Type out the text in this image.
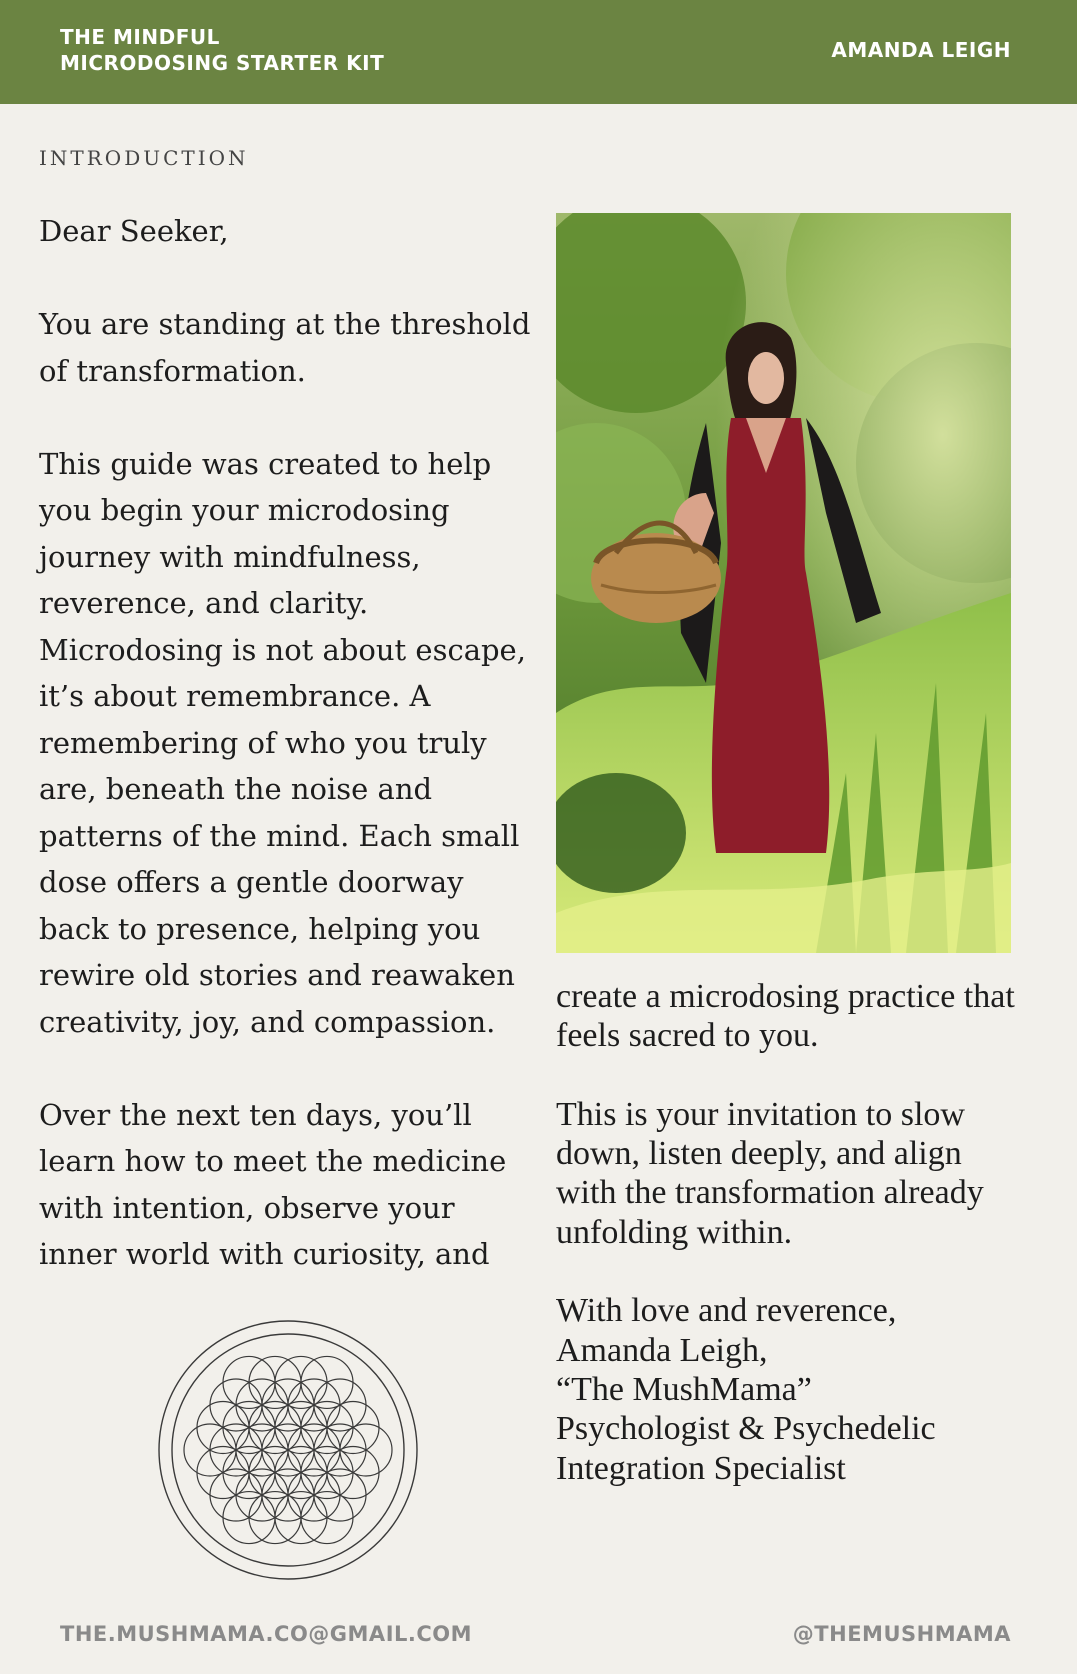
THE MINDFUL
MICRODOSING STARTER KIT
AMANDA LEIGH
INTRODUCTION

Dear Seeker,

You are standing at the threshold of transformation.

This guide was created to help you begin your microdosing journey with mindfulness, reverence, and clarity. Microdosing is not about escape, it’s about remembrance. A remembering of who you truly are, beneath the noise and patterns of the mind. Each small dose offers a gentle doorway back to presence, helping you rewire old stories and reawaken creativity, joy, and compassion.

Over the next ten days, you’ll learn how to meet the medicine with intention, observe your inner world with curiosity, and

create a microdosing practice that feels sacred to you.

This is your invitation to slow down, listen deeply, and align with the transformation already unfolding within.

With love and reverence,
Amanda Leigh,
“The MushMama”
Psychologist & Psychedelic
Integration Specialist

THE.MUSHMAMA.CO@GMAIL.COM	@THEMUSHMAMA
